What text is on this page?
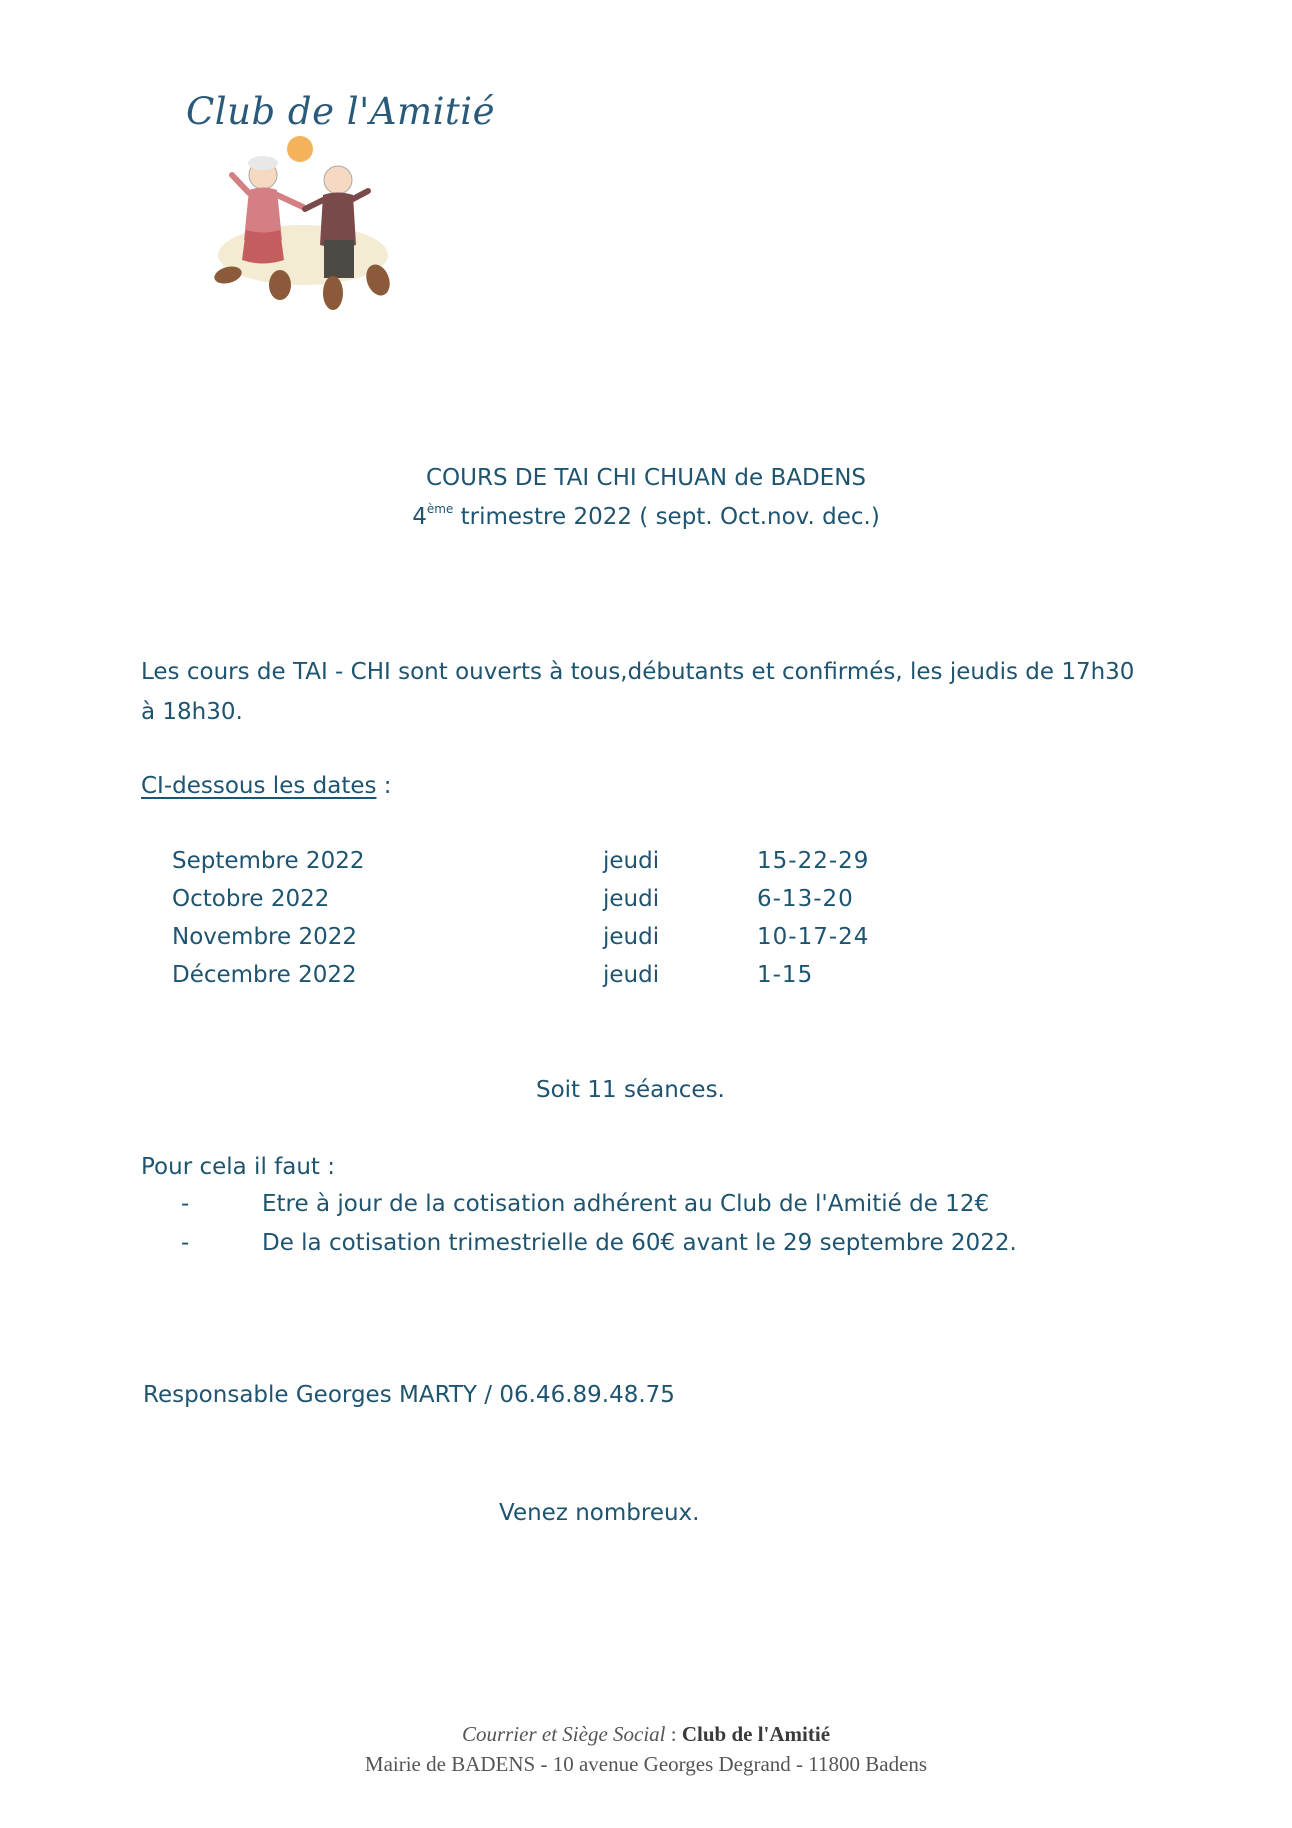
Club de l'Amitié
COURS DE TAI CHI CHUAN de BADENS
4ème trimestre 2022 ( sept. Oct.nov. dec.)
Les cours de TAI - CHI sont ouverts à tous,débutants et confirmés, les jeudis de 17h30 à 18h30.
CI-dessous les dates :
Septembre 2022	jeudi	15-22-29
Octobre 2022	jeudi	6-13-20
Novembre 2022	jeudi	10-17-24
Décembre 2022	jeudi	1-15
Soit 11 séances.
Pour cela il faut :
-	Etre à jour de la cotisation adhérent au Club de l'Amitié de 12€
-	De la cotisation trimestrielle de 60€ avant le 29 septembre 2022.
Responsable Georges MARTY / 06.46.89.48.75
Venez nombreux.
Courrier et Siège Social : Club de l'Amitié
Mairie de BADENS - 10 avenue Georges Degrand - 11800 Badens
